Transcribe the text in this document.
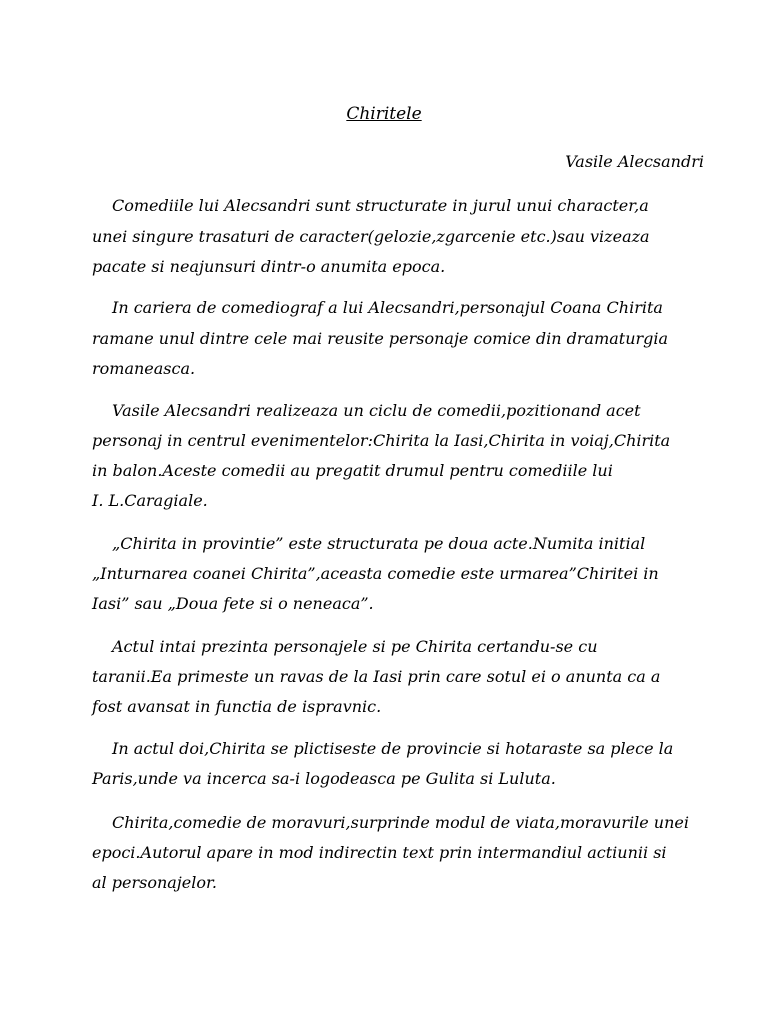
Chiritele

Vasile Alecsandri

Comediile lui Alecsandri sunt structurate in jurul unui character,a

unei singure trasaturi de caracter(gelozie,zgarcenie etc.)sau vizeaza

pacate si neajunsuri dintr-o anumita epoca.

In cariera de comediograf a lui Alecsandri,personajul Coana Chirita

ramane unul dintre cele mai reusite personaje comice din dramaturgia

romaneasca.

Vasile Alecsandri realizeaza un ciclu de comedii,pozitionand acet

personaj in centrul evenimentelor:Chirita la Iasi,Chirita in voiaj,Chirita

in balon.Aceste comedii au pregatit drumul pentru comediile lui

I. L.Caragiale.

„Chirita in provintie” este structurata pe doua acte.Numita initial

„Inturnarea coanei Chirita”,aceasta comedie este urmarea”Chiritei in

Iasi” sau „Doua fete si o neneaca”.

Actul intai prezinta personajele si pe Chirita certandu-se cu

taranii.Ea primeste un ravas de la Iasi prin care sotul ei o anunta ca a

fost avansat in functia de ispravnic.

In actul doi,Chirita se plictiseste de provincie si hotaraste sa plece la

Paris,unde va incerca sa-i logodeasca pe Gulita si Luluta.

Chirita,comedie de moravuri,surprinde modul de viata,moravurile unei

epoci.Autorul apare in mod indirectin text prin intermandiul actiunii si

al personajelor.
